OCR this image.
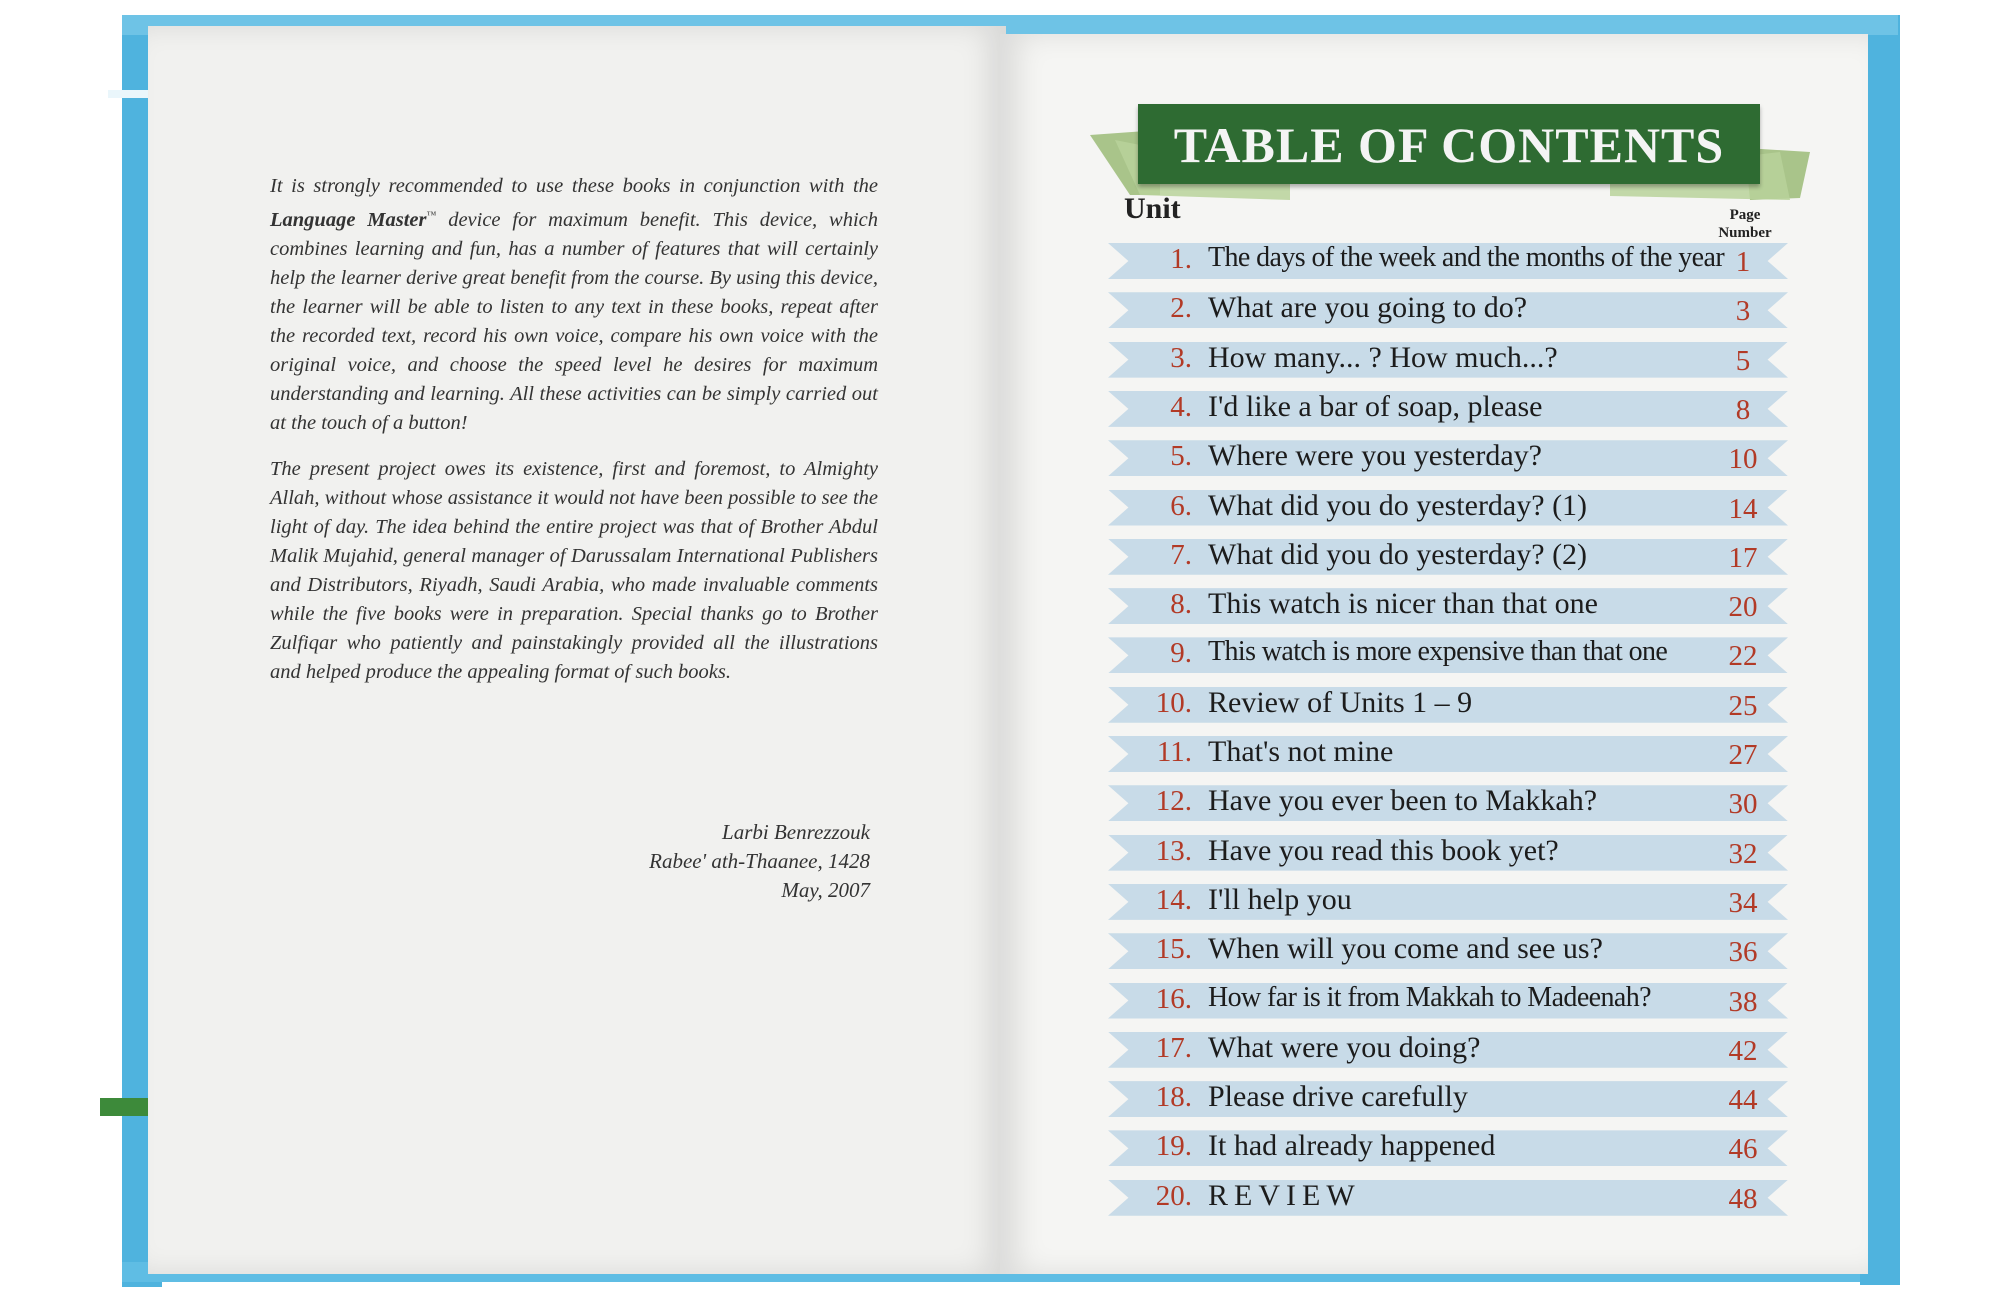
It is strongly recommended to use these books in conjunction with the Language Master™ device for maximum benefit. This device, which combines learning and fun, has a number of features that will certainly help the learner derive great benefit from the course. By using this device, the learner will be able to listen to any text in these books, repeat after the recorded text, record his own voice, compare his own voice with the original voice, and choose the speed level he desires for maximum understanding and learning. All these activities can be simply carried out at the touch of a button!

The present project owes its existence, first and foremost, to Almighty Allah, without whose assistance it would not have been possible to see the light of day. The idea behind the entire project was that of Brother Abdul Malik Mujahid, general manager of Darussalam International Publishers and Distributors, Riyadh, Saudi Arabia, who made invaluable comments while the five books were in preparation. Special thanks go to Brother Zulfiqar who patiently and painstakingly provided all the illustrations and helped produce the appealing format of such books.

Larbi Benrezzouk
Rabee' ath-Thaanee, 1428
May, 2007
TABLE OF CONTENTS
Unit	Page
Number
1. The days of the week and the months of the year 1
2. What are you going to do?	3
3. How many... ? How much...?	5
4. I'd like a bar of soap, please	8
5. Where were you yesterday?	10
6. What did you do yesterday? (1)	14
7. What did you do yesterday? (2)	17
8. This watch is nicer than that one	20
9. This watch is more expensive than that one	22
10. Review of Units 1 – 9	25
11. That's not mine	27
12. Have you ever been to Makkah?	30
13. Have you read this book yet?	32
14. I'll help you	34
15. When will you come and see us?	36
16. How far is it from Makkah to Madeenah?	38
17. What were you doing?	42
18. Please drive carefully	44
19. It had already happened	46
20. REVIEW	48
